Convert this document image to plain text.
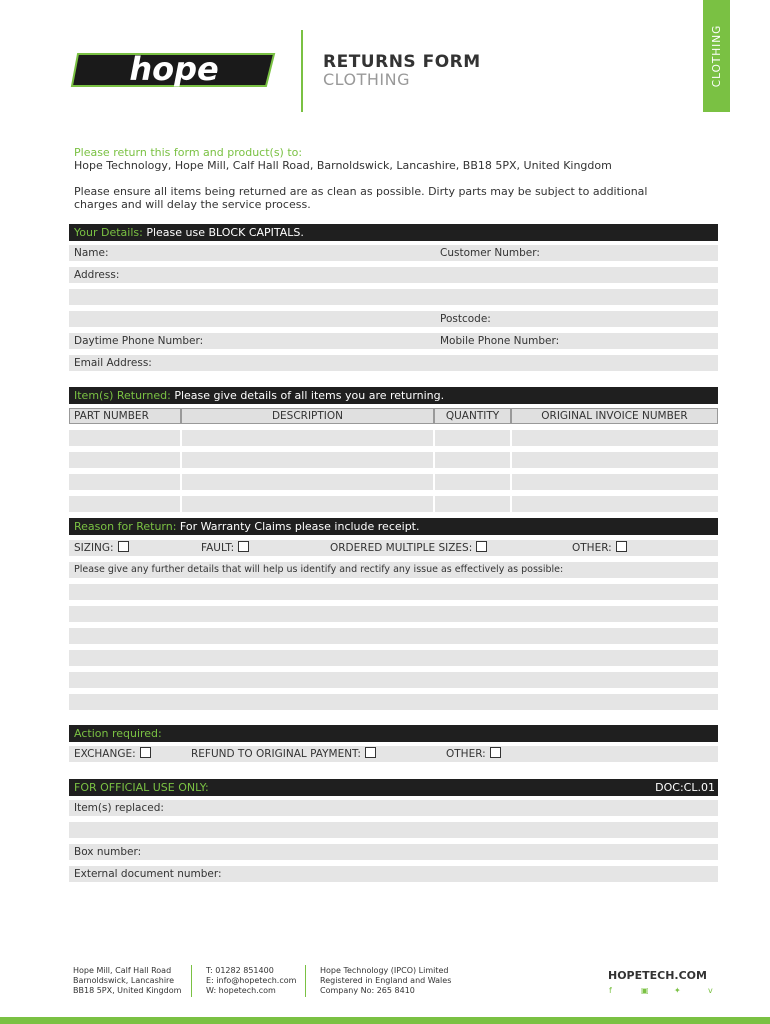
CLOTHING
hope	RETURNS FORM
CLOTHING
Please return this form and product(s) to:
Hope Technology, Hope Mill, Calf Hall Road, Barnoldswick, Lancashire, BB18 5PX, United Kingdom
Please ensure all items being returned are as clean as possible. Dirty parts may be subject to additional
charges and will delay the service process.
Your Details: Please use BLOCK CAPITALS.
Name:	Customer Number:
Address:
Postcode:
Daytime Phone Number:	Mobile Phone Number:
Email Address:
Item(s) Returned: Please give details of all items you are returning.
PART NUMBER	DESCRIPTION	QUANTITY	ORIGINAL INVOICE NUMBER
Reason for Return: For Warranty Claims please include receipt.
SIZING:	FAULT:	ORDERED MULTIPLE SIZES:	OTHER:
Please give any further details that will help us identify and rectify any issue as effectively as possible:
Action required:
EXCHANGE:	REFUND TO ORIGINAL PAYMENT:	OTHER:
FOR OFFICIAL USE ONLY:	DOC:CL.01
Item(s) replaced:
Box number:
External document number:
Hope Mill, Calf Hall Road
Barnoldswick, Lancashire
BB18 5PX, United Kingdom
T: 01282 851400
E: info@hopetech.com
W: hopetech.com
Hope Technology (IPCO) Limited
Registered in England and Wales
Company No: 265 8410
HOPETECH.COM
f	▣	✦	v
